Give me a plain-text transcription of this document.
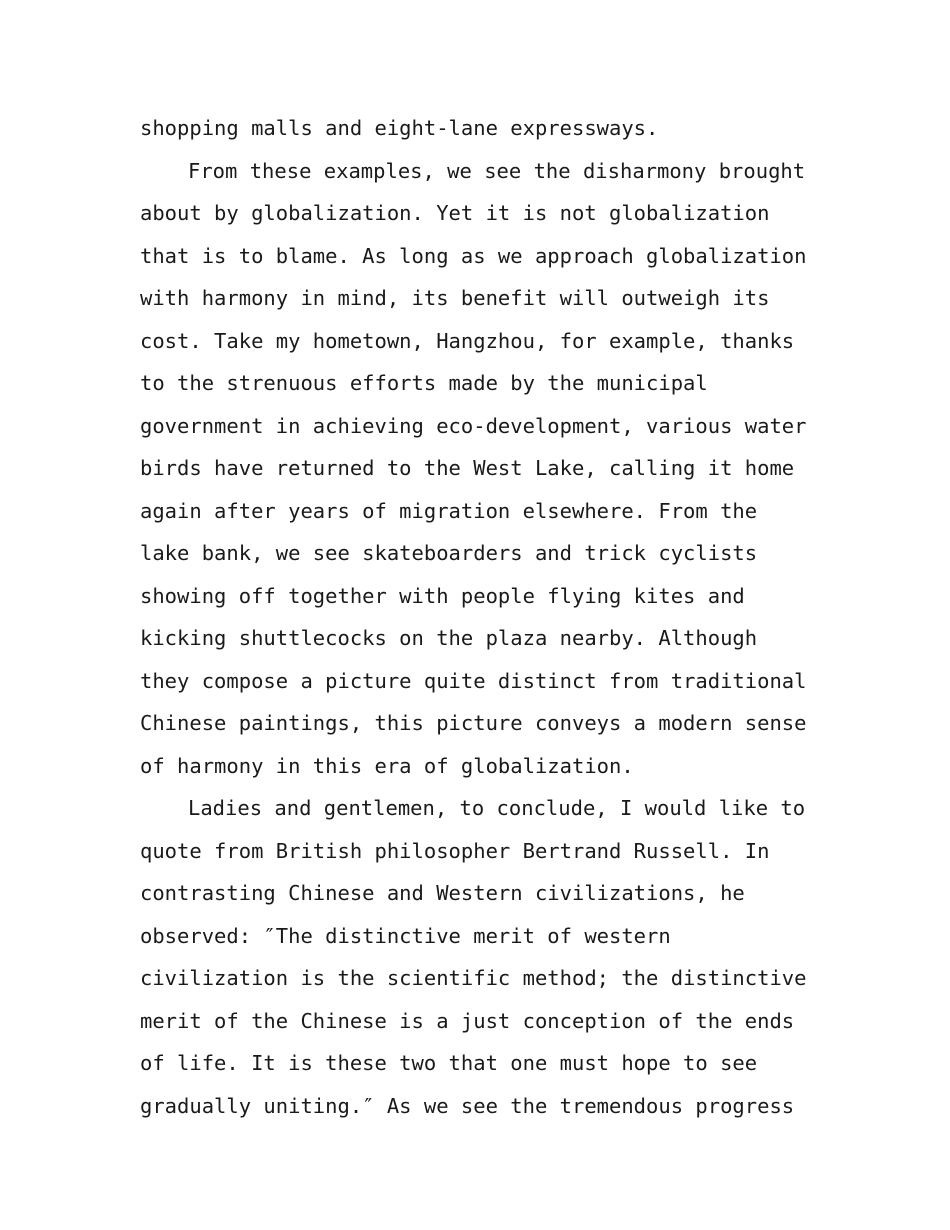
shopping malls and eight-lane expressways.
From these examples, we see the disharmony brought
about by globalization. Yet it is not globalization
that is to blame. As long as we approach globalization
with harmony in mind, its benefit will outweigh its
cost. Take my hometown, Hangzhou, for example, thanks
to the strenuous efforts made by the municipal
government in achieving eco-development, various water
birds have returned to the West Lake, calling it home
again after years of migration elsewhere. From the
lake bank, we see skateboarders and trick cyclists
showing off together with people flying kites and
kicking shuttlecocks on the plaza nearby. Although
they compose a picture quite distinct from traditional
Chinese paintings, this picture conveys a modern sense
of harmony in this era of globalization.
Ladies and gentlemen, to conclude, I would like to
quote from British philosopher Bertrand Russell. In
contrasting Chinese and Western civilizations, he
observed: ″The distinctive merit of western
civilization is the scientific method; the distinctive
merit of the Chinese is a just conception of the ends
of life. It is these two that one must hope to see
gradually uniting.″ As we see the tremendous progress
